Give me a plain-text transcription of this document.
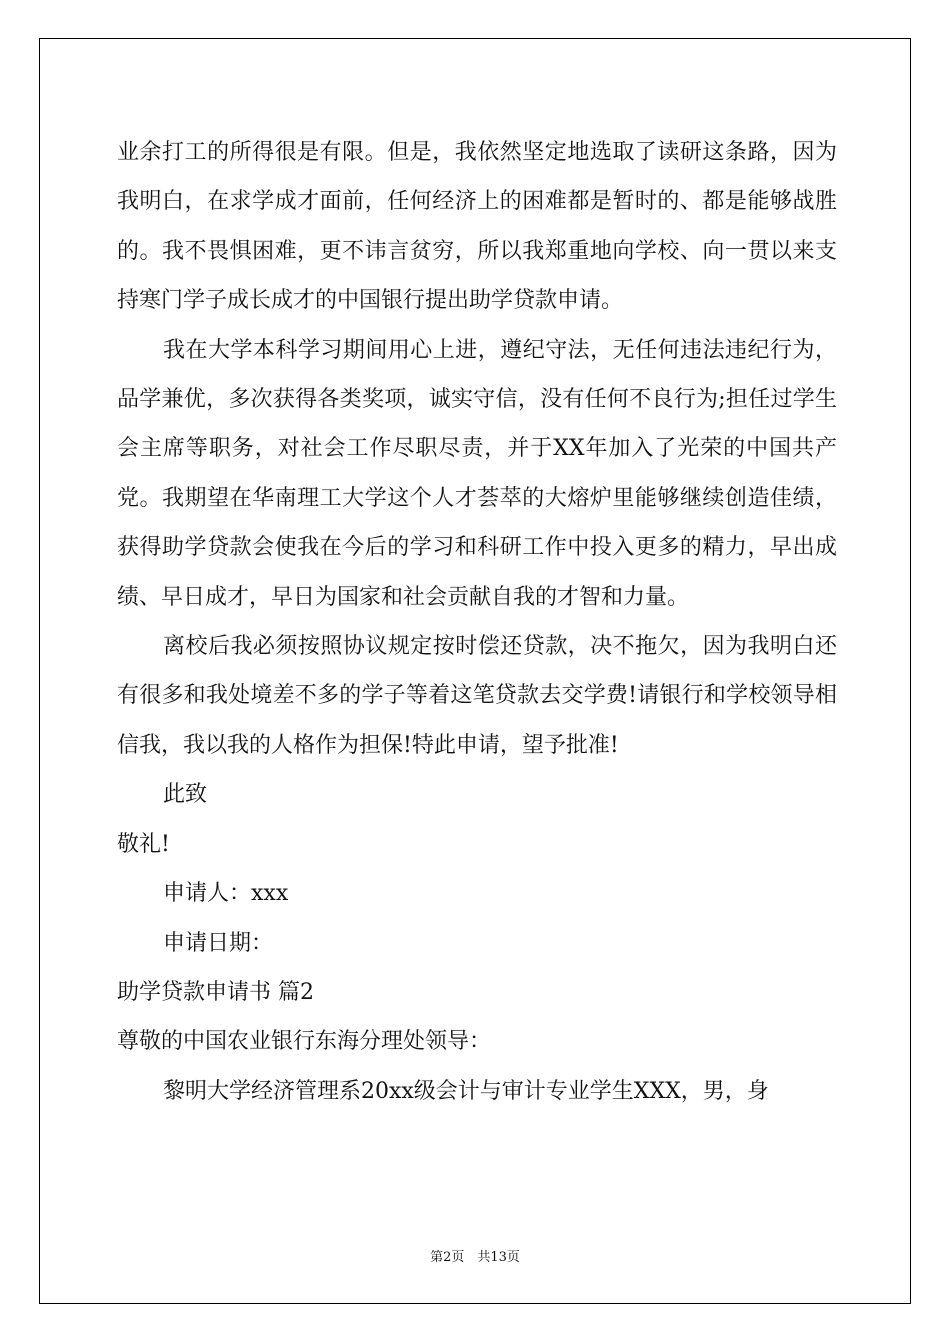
业余打工的所得很是有限。但是，我依然坚定地选取了读研这条路，因为我明白，在求学成才面前，任何经济上的困难都是暂时的、都是能够战胜的。我不畏惧困难，更不讳言贫穷，所以我郑重地向学校、向一贯以来支持寒门学子成长成才的中国银行提出助学贷款申请。

我在大学本科学习期间用心上进，遵纪守法，无任何违法违纪行为，品学兼优，多次获得各类奖项，诚实守信，没有任何不良行为;担任过学生会主席等职务，对社会工作尽职尽责，并于XX年加入了光荣的中国共产党。我期望在华南理工大学这个人才荟萃的大熔炉里能够继续创造佳绩，获得助学贷款会使我在今后的学习和科研工作中投入更多的精力，早出成绩、早日成才，早日为国家和社会贡献自我的才智和力量。

离校后我必须按照协议规定按时偿还贷款，决不拖欠，因为我明白还有很多和我处境差不多的学子等着这笔贷款去交学费!请银行和学校领导相信我，我以我的人格作为担保!特此申请，望予批准!

此致

敬礼!

申请人：xxx

申请日期：

助学贷款申请书 篇2

尊敬的中国农业银行东海分理处领导：

黎明大学经济管理系20xx级会计与审计专业学生XXX，男，身

第2页　共13页
